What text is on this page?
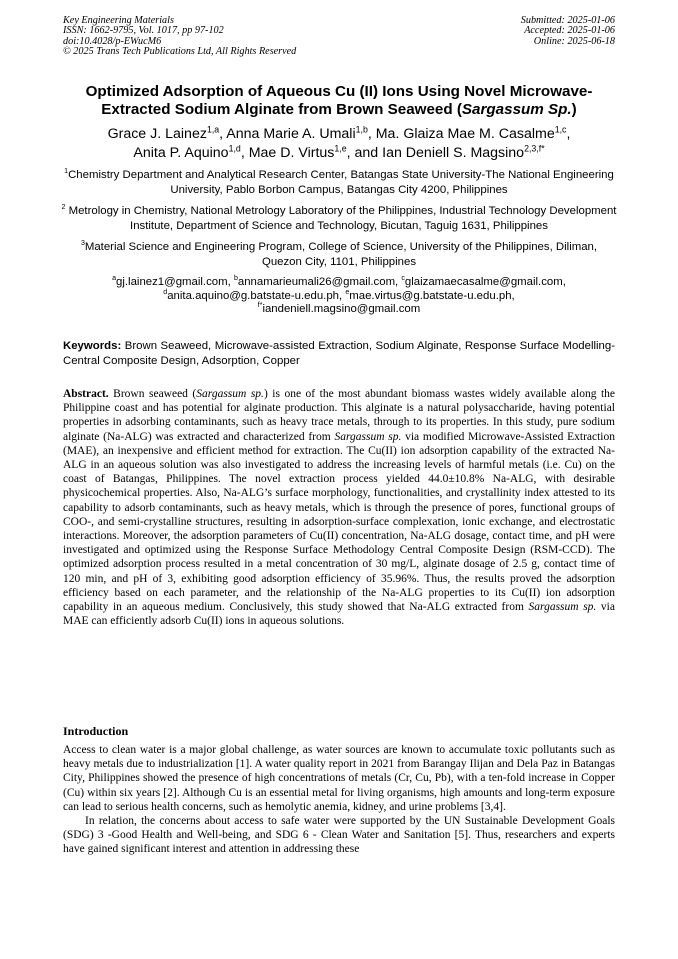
Key Engineering Materials
ISSN: 1662-9795, Vol. 1017, pp 97-102
doi:10.4028/p-EWucM6
© 2025 Trans Tech Publications Ltd, All Rights Reserved
Submitted: 2025-01-06
Accepted: 2025-01-06
Online: 2025-06-18
Optimized Adsorption of Aqueous Cu (II) Ions Using Novel Microwave-
Extracted Sodium Alginate from Brown Seaweed (Sargassum Sp.)
Grace J. Lainez$^{1,a}$, Anna Marie A. Umali$^{1,b}$, Ma. Glaiza Mae M. Casalme$^{1,c}$,
Anita P. Aquino$^{1,d}$, Mae D. Virtus$^{1,e}$, and Ian Deniell S. Magsino$^{2,3,f*}$
$^1$Chemistry Department and Analytical Research Center, Batangas State University-The National Engineering University, Pablo Borbon Campus, Batangas City 4200, Philippines
$^2$ Metrology in Chemistry, National Metrology Laboratory of the Philippines, Industrial Technology Development Institute, Department of Science and Technology, Bicutan, Taguig 1631, Philippines
$^3$Material Science and Engineering Program, College of Science, University of the Philippines, Diliman, Quezon City, 1101, Philippines
$^a$gj.lainez1@gmail.com, $^b$annamarieumali26@gmail.com, $^c$glaizamaecasalme@gmail.com,
$^d$anita.aquino@g.batstate-u.edu.ph, $^e$mae.virtus@g.batstate-u.edu.ph,
$^{f*}$iandeniell.magsino@gmail.com
Keywords: Brown Seaweed, Microwave-assisted Extraction, Sodium Alginate, Response Surface Modelling-Central Composite Design, Adsorption, Copper
Abstract. Brown seaweed (Sargassum sp.) is one of the most abundant biomass wastes widely available along the Philippine coast and has potential for alginate production. This alginate is a natural polysaccharide, having potential properties in adsorbing contaminants, such as heavy trace metals, through to its properties. In this study, pure sodium alginate (Na-ALG) was extracted and characterized from Sargassum sp. via modified Microwave-Assisted Extraction (MAE), an inexpensive and efficient method for extraction. The Cu(II) ion adsorption capability of the extracted Na-ALG in an aqueous solution was also investigated to address the increasing levels of harmful metals (i.e. Cu) on the coast of Batangas, Philippines. The novel extraction process yielded 44.0±10.8% Na-ALG, with desirable physicochemical properties. Also, Na-ALG’s surface morphology, functionalities, and crystallinity index attested to its capability to adsorb contaminants, such as heavy metals, which is through the presence of pores, functional groups of COO-, and semi-crystalline structures, resulting in adsorption-surface complexation, ionic exchange, and electrostatic interactions. Moreover, the adsorption parameters of Cu(II) concentration, Na-ALG dosage, contact time, and pH were investigated and optimized using the Response Surface Methodology Central Composite Design (RSM-CCD). The optimized adsorption process resulted in a metal concentration of 30 mg/L, alginate dosage of 2.5 g, contact time of 120 min, and pH of 3, exhibiting good adsorption efficiency of 35.96%. Thus, the results proved the adsorption efficiency based on each parameter, and the relationship of the Na-ALG properties to its Cu(II) ion adsorption capability in an aqueous medium. Conclusively, this study showed that Na-ALG extracted from Sargassum sp. via MAE can efficiently adsorb Cu(II) ions in aqueous solutions.
Introduction

Access to clean water is a major global challenge, as water sources are known to accumulate toxic pollutants such as heavy metals due to industrialization [1]. A water quality report in 2021 from Barangay Ilijan and Dela Paz in Batangas City, Philippines showed the presence of high concentrations of metals (Cr, Cu, Pb), with a ten-fold increase in Copper (Cu) within six years [2]. Although Cu is an essential metal for living organisms, high amounts and long-term exposure can lead to serious health concerns, such as hemolytic anemia, kidney, and urine problems [3,4].

In relation, the concerns about access to safe water were supported by the UN Sustainable Development Goals (SDG) 3 -Good Health and Well-being, and SDG 6 - Clean Water and Sanitation [5]. Thus, researchers and experts have gained significant interest and attention in addressing these
